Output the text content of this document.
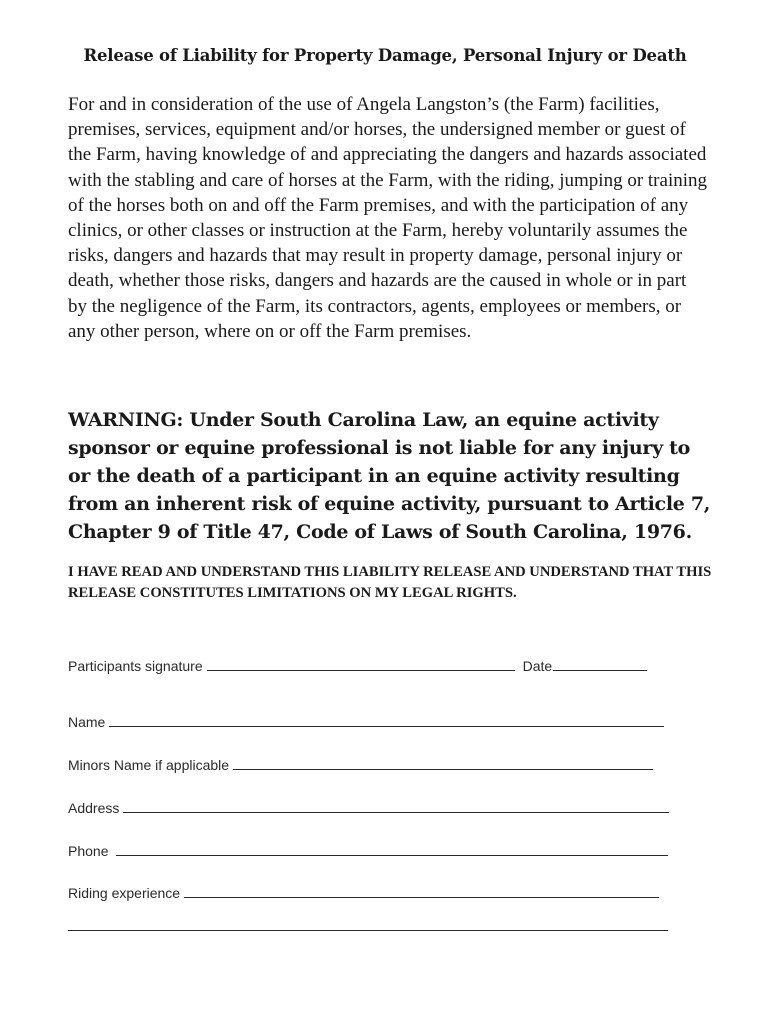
Release of Liability for Property Damage, Personal Injury or Death

For and in consideration of the use of Angela Langston’s (the Farm) facilities, premises, services, equipment and/or horses, the undersigned member or guest of the Farm, having knowledge of and appreciating the dangers and hazards associated with the stabling and care of horses at the Farm, with the riding, jumping or training of the horses both on and off the Farm premises, and with the participation of any clinics, or other classes or instruction at the Farm, hereby voluntarily assumes the risks, dangers and hazards that may result in property damage, personal injury or death, whether those risks, dangers and hazards are the caused in whole or in part by the negligence of the Farm, its contractors, agents, employees or members, or any other person, where on or off the Farm premises.

WARNING: Under South Carolina Law, an equine activity sponsor or equine professional is not liable for any injury to or the death of a participant in an equine activity resulting from an inherent risk of equine activity, pursuant to Article 7, Chapter 9 of Title 47, Code of Laws of South Carolina, 1976.

I HAVE READ AND UNDERSTAND THIS LIABILITY RELEASE AND UNDERSTAND THAT THIS RELEASE CONSTITUTES LIMITATIONS ON MY LEGAL RIGHTS.

Participants signature	Date
Name
Minors Name if applicable
Address
Phone
Riding experience
